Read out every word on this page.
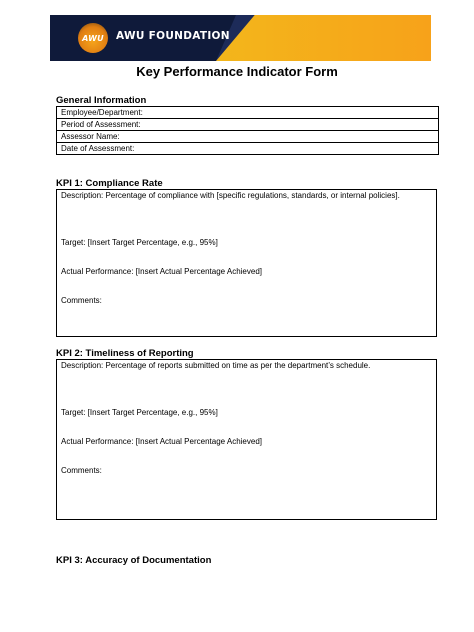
AWU AWU FOUNDATION
Key Performance Indicator Form
General Information
Employee/Department:
Period of Assessment:
Assessor Name:
Date of Assessment:
KPI 1: Compliance Rate
Description: Percentage of compliance with [specific regulations, standards, or internal policies].
Target: [Insert Target Percentage, e.g., 95%]
Actual Performance: [Insert Actual Percentage Achieved]
Comments:
KPI 2: Timeliness of Reporting
Description: Percentage of reports submitted on time as per the department’s schedule.
Target: [Insert Target Percentage, e.g., 95%]
Actual Performance: [Insert Actual Percentage Achieved]
Comments:
KPI 3: Accuracy of Documentation
